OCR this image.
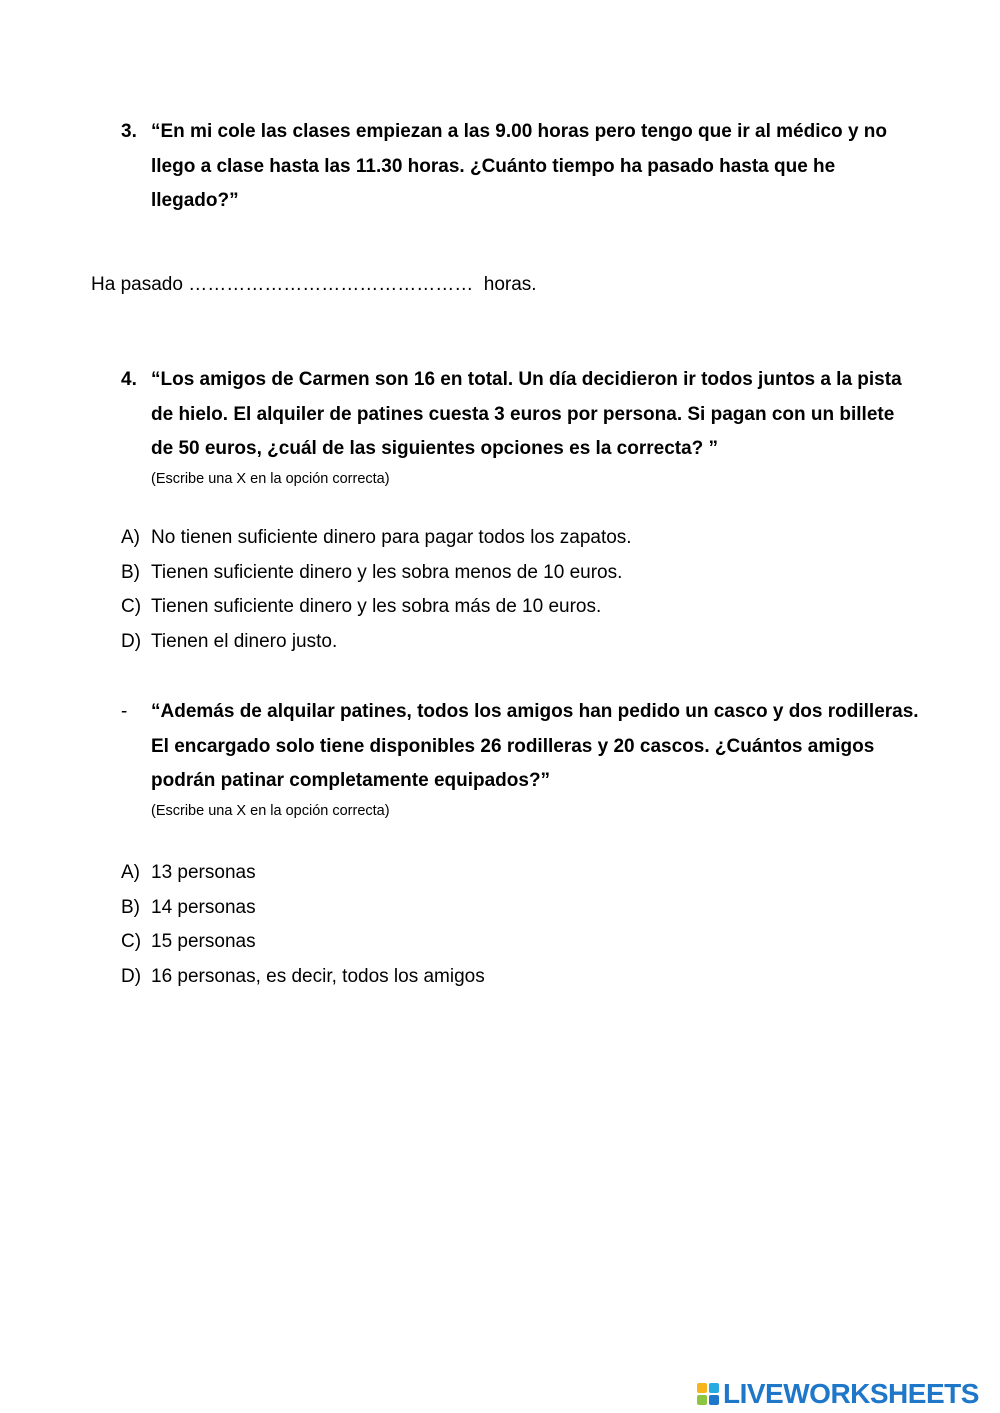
3. “En mi cole las clases empiezan a las 9.00 horas pero tengo que ir al médico y no llego a clase hasta las 11.30 horas. ¿Cuánto tiempo ha pasado hasta que he llegado?”
Ha pasado ……………………………………… horas.
4. “Los amigos de Carmen son 16 en total. Un día decidieron ir todos juntos a la pista de hielo. El alquiler de patines cuesta 3 euros por persona. Si pagan con un billete de 50 euros, ¿cuál de las siguientes opciones es la correcta? ”
(Escribe una X en la opción correcta)
A) No tienen suficiente dinero para pagar todos los zapatos.
B) Tienen suficiente dinero y les sobra menos de 10 euros.
C) Tienen suficiente dinero y les sobra más de 10 euros.
D) Tienen el dinero justo.
- “Además de alquilar patines, todos los amigos han pedido un casco y dos rodilleras. El encargado solo tiene disponibles 26 rodilleras y 20 cascos. ¿Cuántos amigos podrán patinar completamente equipados?”
(Escribe una X en la opción correcta)
A) 13 personas
B) 14 personas
C) 15 personas
D) 16 personas, es decir, todos los amigos
LIVEWORKSHEETS
